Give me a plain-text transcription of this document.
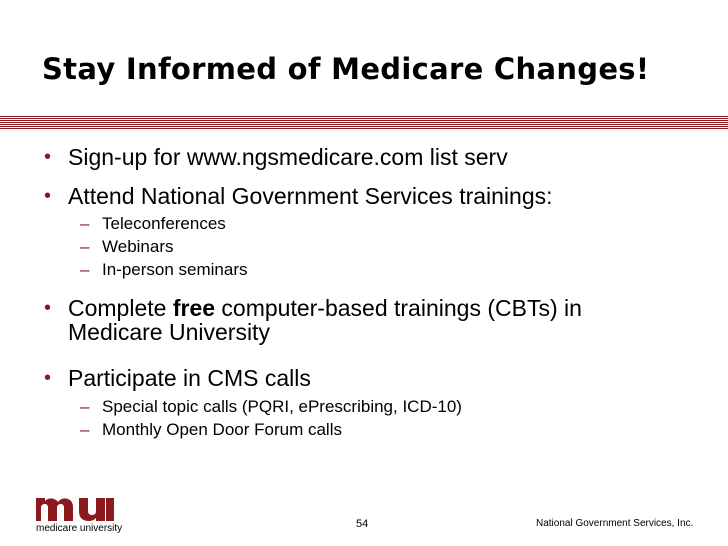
Stay Informed of Medicare Changes!
• Sign-up for www.ngsmedicare.com list serv
• Attend National Government Services trainings:
– Teleconferences
– Webinars
– In-person seminars
• Complete free computer-based trainings (CBTs) in
Medicare University
• Participate in CMS calls
– Special topic calls (PQRI, ePrescribing, ICD-10)
– Monthly Open Door Forum calls
medicare university	54	National Government Services, Inc.
